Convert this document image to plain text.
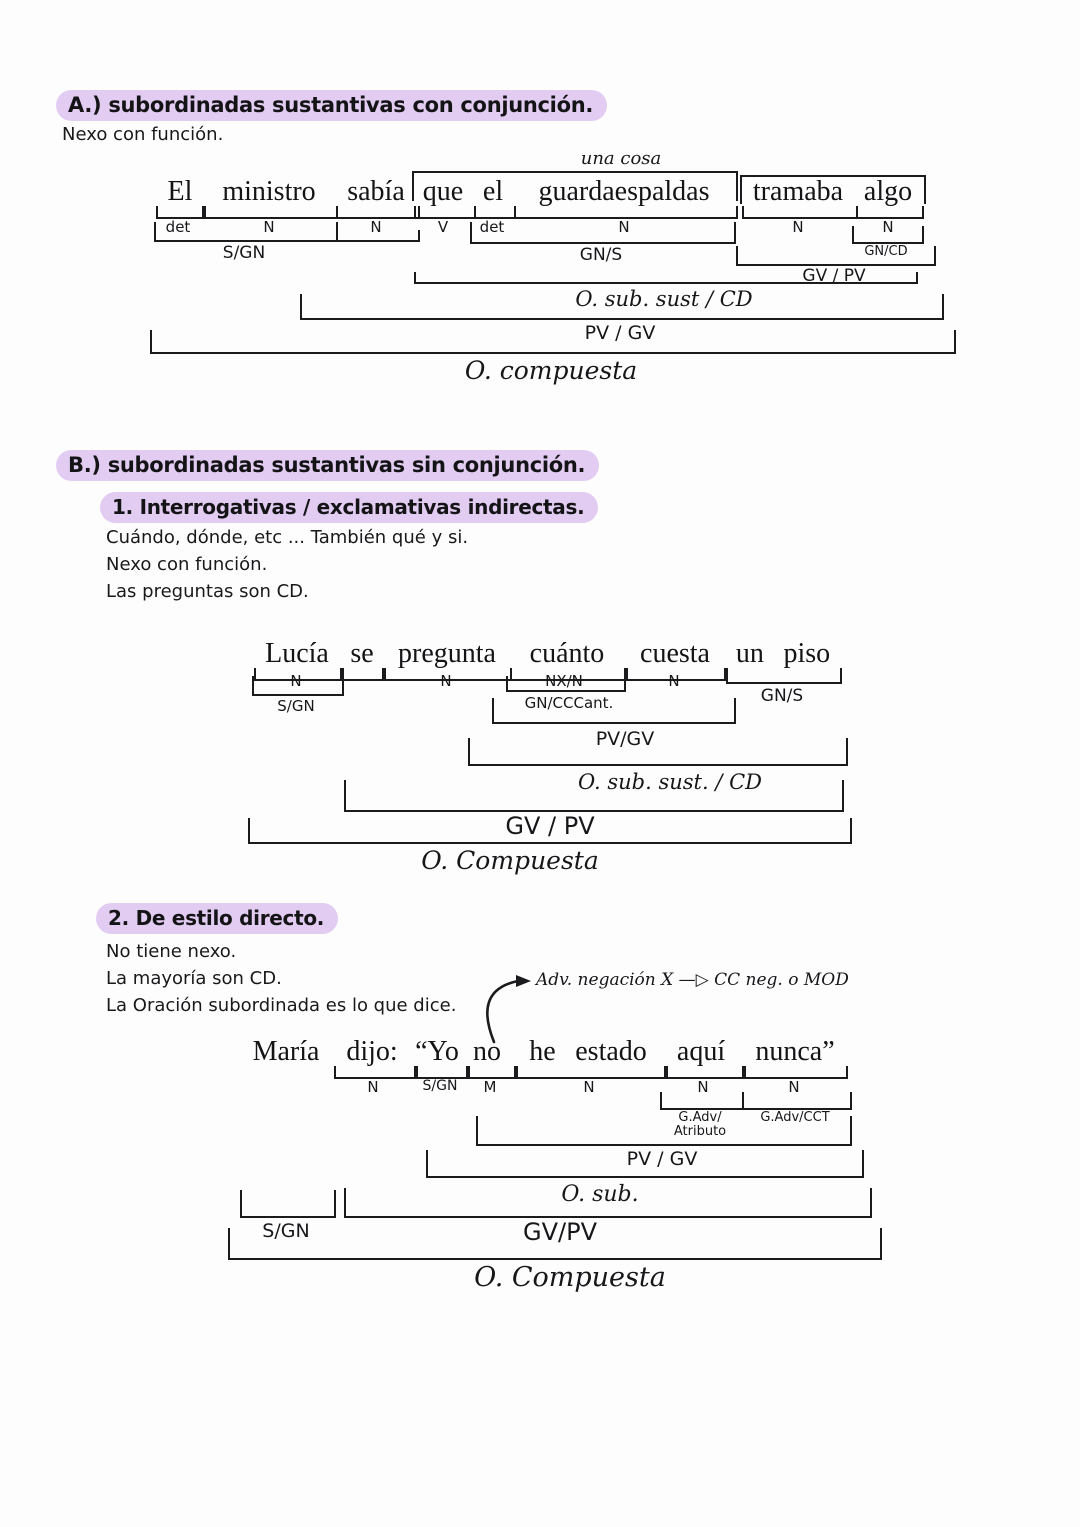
A.) subordinadas sustantivas con conjunción.
Nexo con función.
una cosa
El	ministro	sabía que el	guardaespaldas	tramaba algo
det	N	N	V	det	N	N	N
S/GN	GN/S	GN/CD
GV / PV
O. sub. sust / CD
PV / GV
O. compuesta
B.) subordinadas sustantivas sin conjunción.
1. Interrogativas / exclamativas indirectas.
Cuándo, dónde, etc ... También qué y si.
Nexo con función.
Las preguntas son CD.
Lucía se pregunta	cuánto	cuesta un piso
N	N	NX/N	N
GN/S
S/GN	GN/CCCant.
PV/GV
O. sub. sust. / CD
GV / PV
O. Compuesta
2. De estilo directo.
No tiene nexo.
La mayoría son CD.
La Oración subordinada es lo que dice.
Adv. negación X —▷ CC neg. o MOD
María dijo: “Yo no	he estado	aquí	nunca”
N	S/GN	M	N	N	N
G.Adv/
Atributo
G.Adv/CCT
PV / GV
O. sub.
S/GN	GV/PV
O. Compuesta
